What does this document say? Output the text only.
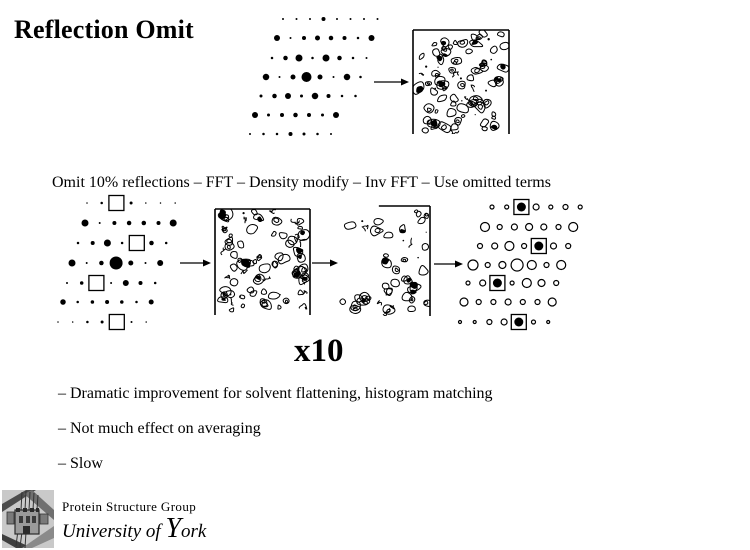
Reflection Omit
Omit 10% reflections – FFT – Density modify – Inv FFT – Use omitted terms
x10
– Dramatic improvement for solvent flattening, histogram matching
– Not much effect on averaging
– Slow
Protein Structure Group
University of York
